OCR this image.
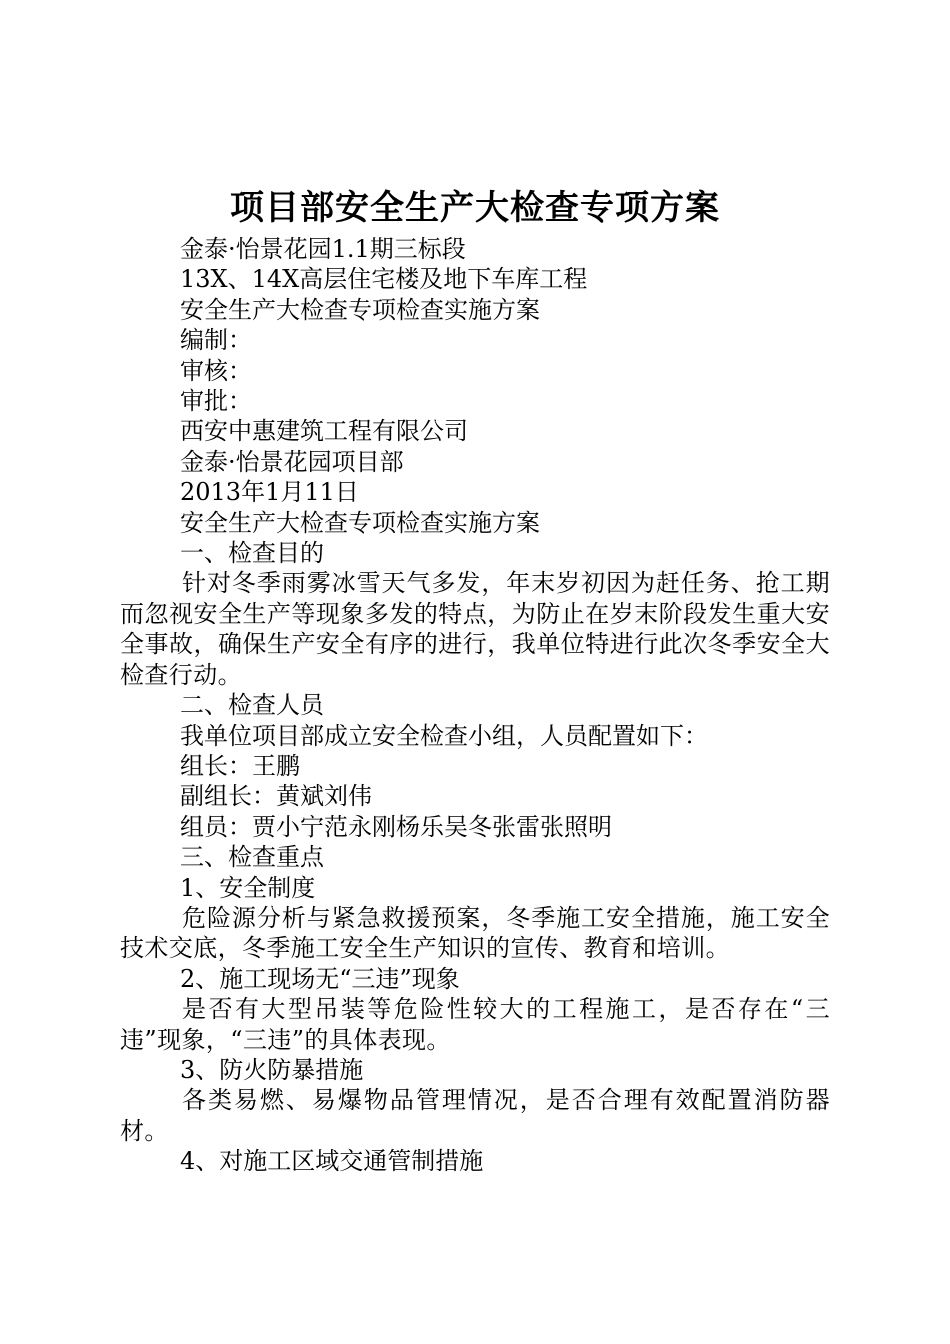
项目部安全生产大检查专项方案

金泰·怡景花园1.1期三标段

13X、14X高层住宅楼及地下车库工程

安全生产大检查专项检查实施方案

编制：

审核：

审批：

西安中惠建筑工程有限公司

金泰·怡景花园项目部

2013年1月11日

安全生产大检查专项检查实施方案

一、检查目的

针对冬季雨雾冰雪天气多发，年末岁初因为赶任务、抢工期而忽视安全生产等现象多发的特点，为防止在岁末阶段发生重大安全事故，确保生产安全有序的进行，我单位特进行此次冬季安全大检查行动。

二、检查人员

我单位项目部成立安全检查小组，人员配置如下：

组长：王鹏

副组长：黄斌刘伟

组员：贾小宁范永刚杨乐吴冬张雷张照明

三、检查重点

1、安全制度

危险源分析与紧急救援预案，冬季施工安全措施，施工安全技术交底，冬季施工安全生产知识的宣传、教育和培训。

2、施工现场无“三违”现象

是否有大型吊装等危险性较大的工程施工，是否存在“三违”现象，“三违”的具体表现。

3、防火防暴措施

各类易燃、易爆物品管理情况，是否合理有效配置消防器材。

4、对施工区域交通管制措施
